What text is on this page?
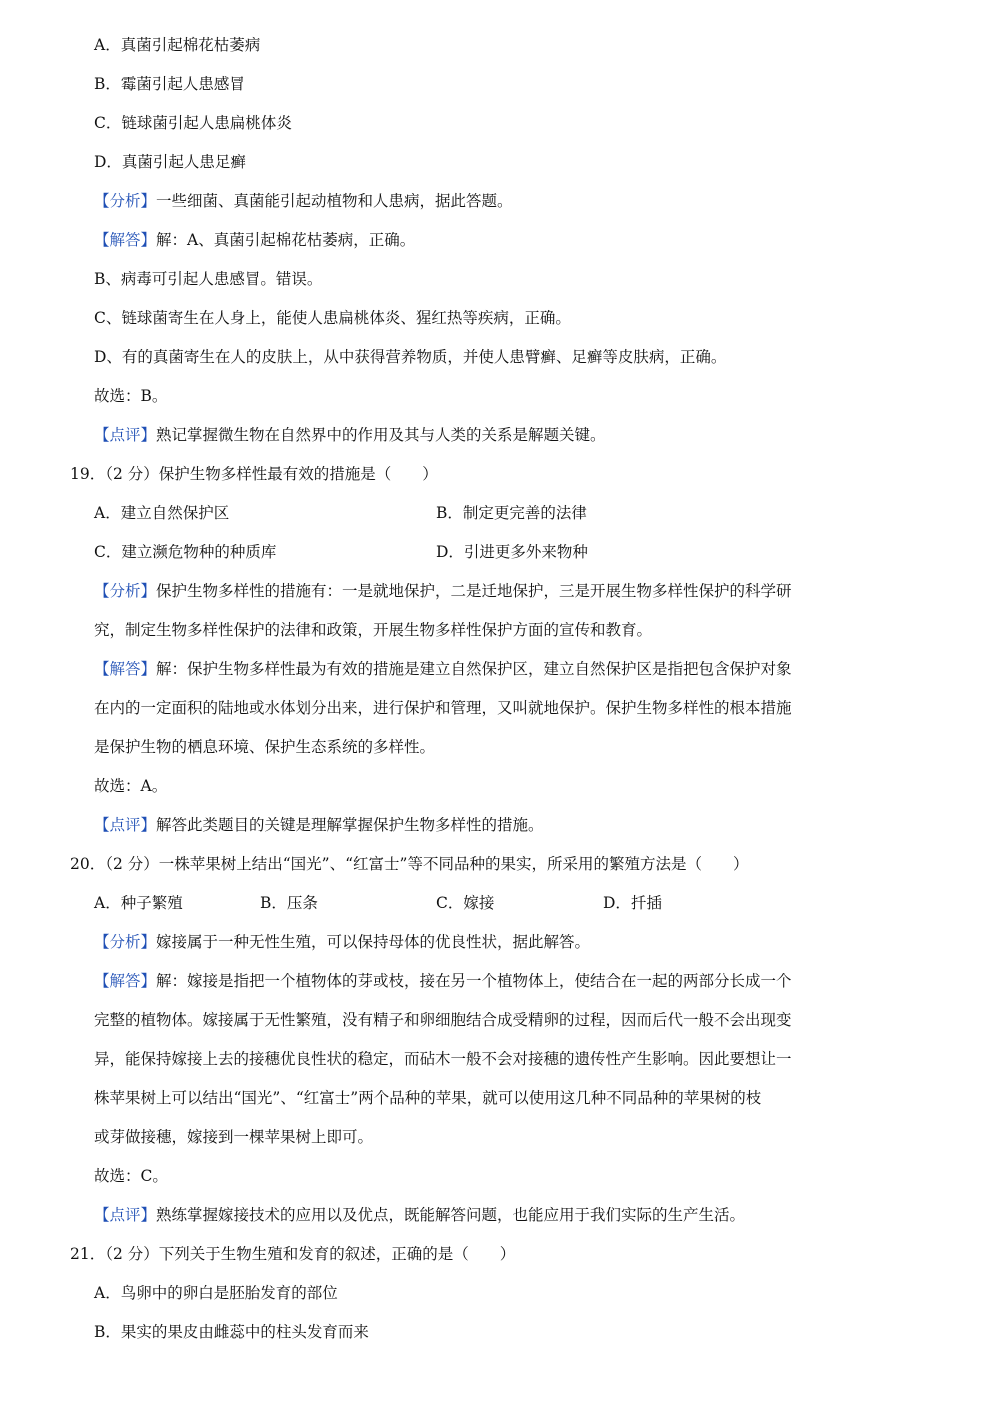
A．真菌引起棉花枯萎病
B．霉菌引起人患感冒
C．链球菌引起人患扁桃体炎
D．真菌引起人患足癣
【分析】一些细菌、真菌能引起动植物和人患病，据此答题。
【解答】解：A、真菌引起棉花枯萎病，正确。
B、病毒可引起人患感冒。错误。
C、链球菌寄生在人身上，能使人患扁桃体炎、猩红热等疾病，正确。
D、有的真菌寄生在人的皮肤上，从中获得营养物质，并使人患臂癣、足癣等皮肤病，正确。
故选：B。
【点评】熟记掌握微生物在自然界中的作用及其与人类的关系是解题关键。
19．（2 分）保护生物多样性最有效的措施是（　　）
A．建立自然保护区	B．制定更完善的法律
C．建立濒危物种的种质库	D．引进更多外来物种
【分析】保护生物多样性的措施有：一是就地保护，二是迁地保护，三是开展生物多样性保护的科学研
究，制定生物多样性保护的法律和政策，开展生物多样性保护方面的宣传和教育。
【解答】解：保护生物多样性最为有效的措施是建立自然保护区，建立自然保护区是指把包含保护对象
在内的一定面积的陆地或水体划分出来，进行保护和管理，又叫就地保护。保护生物多样性的根本措施
是保护生物的栖息环境、保护生态系统的多样性。
故选：A。
【点评】解答此类题目的关键是理解掌握保护生物多样性的措施。
20．（2 分）一株苹果树上结出“国光”、“红富士”等不同品种的果实，所采用的繁殖方法是（　　）
A．种子繁殖	B．压条	C．嫁接	D．扦插
【分析】嫁接属于一种无性生殖，可以保持母体的优良性状，据此解答。
【解答】解：嫁接是指把一个植物体的芽或枝，接在另一个植物体上，使结合在一起的两部分长成一个
完整的植物体。嫁接属于无性繁殖，没有精子和卵细胞结合成受精卵的过程，因而后代一般不会出现变
异，能保持嫁接上去的接穗优良性状的稳定，而砧木一般不会对接穗的遗传性产生影响。因此要想让一
株苹果树上可以结出“国光”、“红富士”两个品种的苹果，就可以使用这几种不同品种的苹果树的枝
或芽做接穗，嫁接到一棵苹果树上即可。
故选：C。
【点评】熟练掌握嫁接技术的应用以及优点，既能解答问题，也能应用于我们实际的生产生活。
21．（2 分）下列关于生物生殖和发育的叙述，正确的是（　　）
A．鸟卵中的卵白是胚胎发育的部位
B．果实的果皮由雌蕊中的柱头发育而来
